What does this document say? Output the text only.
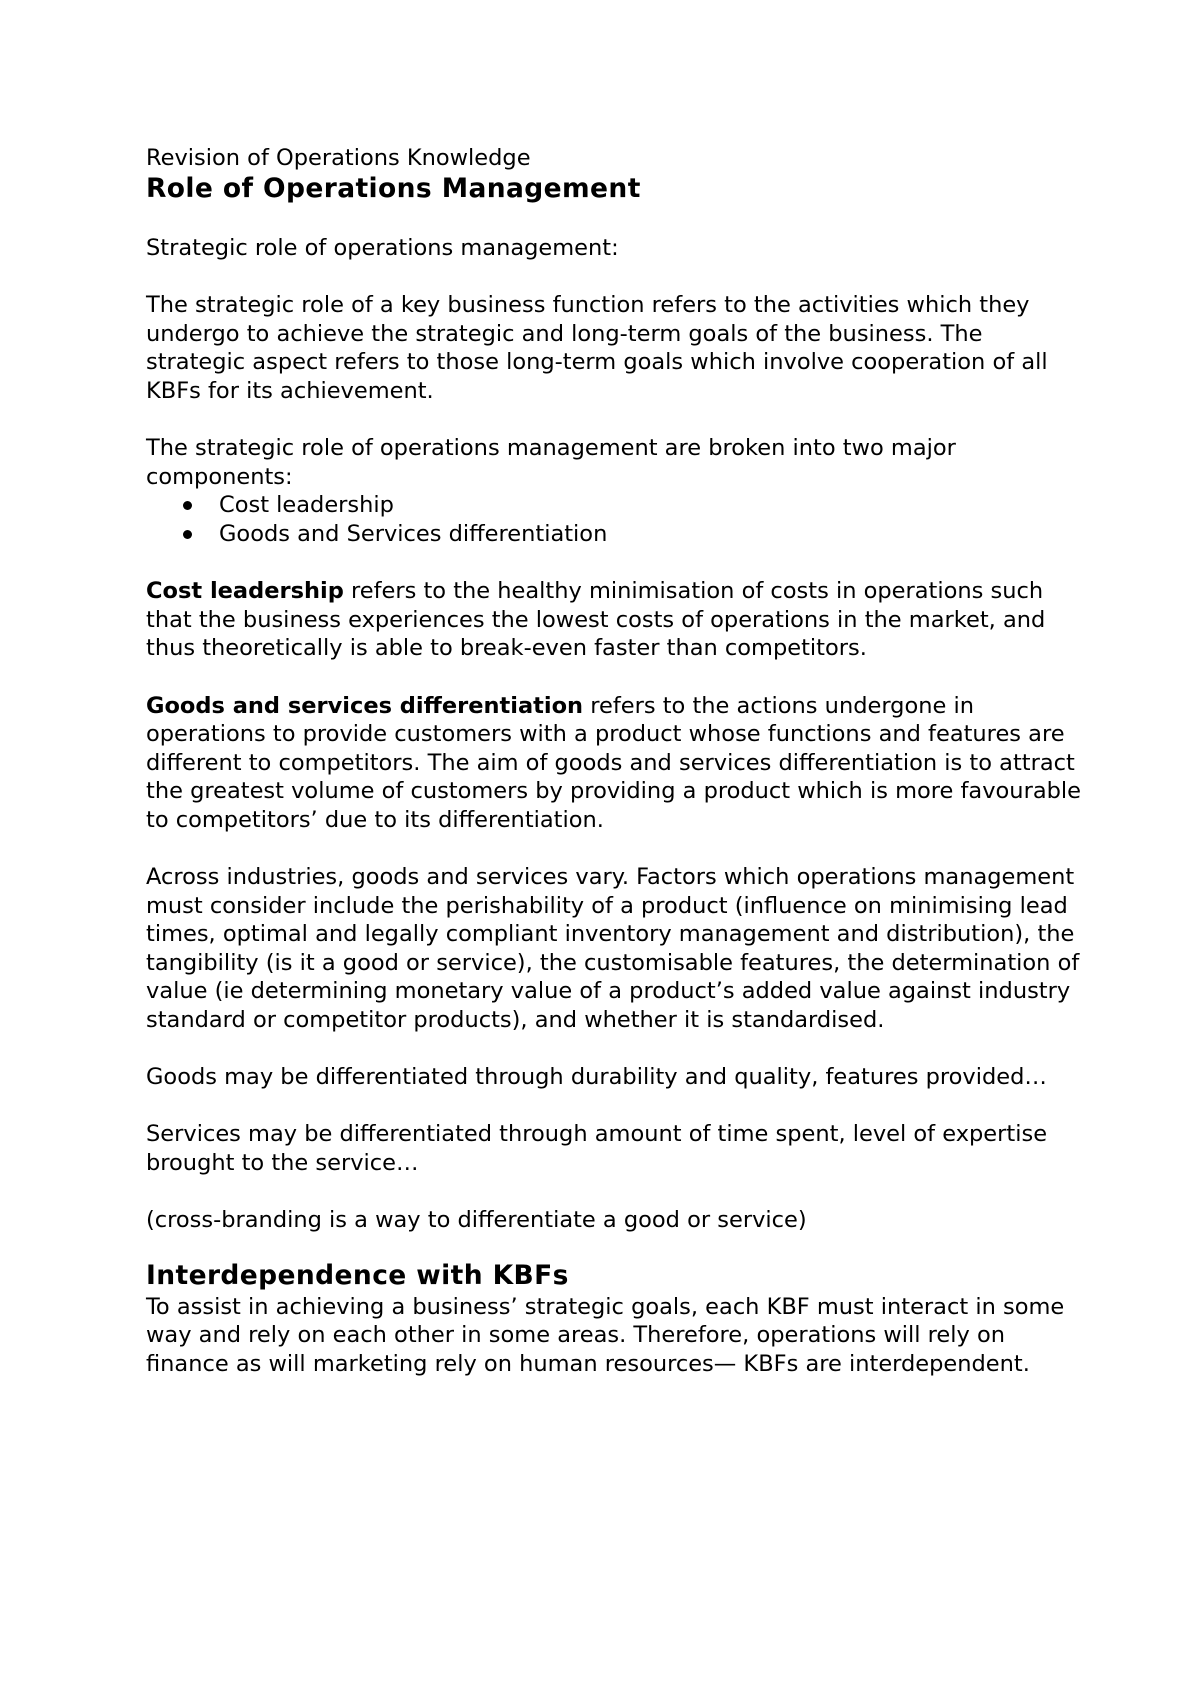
Revision of Operations Knowledge

Role of Operations Management

Strategic role of operations management:

The strategic role of a key business function refers to the activities which they undergo to achieve the strategic and long-term goals of the business. The strategic aspect refers to those long-term goals which involve cooperation of all KBFs for its achievement.

The strategic role of operations management are broken into two major components:

Cost leadership
Goods and Services differentiation

Cost leadership refers to the healthy minimisation of costs in operations such that the business experiences the lowest costs of operations in the market, and thus theoretically is able to break-even faster than competitors.

Goods and services differentiation refers to the actions undergone in operations to provide customers with a product whose functions and features are different to competitors. The aim of goods and services differentiation is to attract the greatest volume of customers by providing a product which is more favourable to competitors’ due to its differentiation.

Across industries, goods and services vary. Factors which operations management must consider include the perishability of a product (influence on minimising lead times, optimal and legally compliant inventory management and distribution), the tangibility (is it a good or service), the customisable features, the determination of value (ie determining monetary value of a product’s added value against industry standard or competitor products), and whether it is standardised.

Goods may be differentiated through durability and quality, features provided…

Services may be differentiated through amount of time spent, level of expertise brought to the service…

(cross-branding is a way to differentiate a good or service)

Interdependence with KBFs

To assist in achieving a business’ strategic goals, each KBF must interact in some way and rely on each other in some areas. Therefore, operations will rely on finance as will marketing rely on human resources— KBFs are interdependent.
